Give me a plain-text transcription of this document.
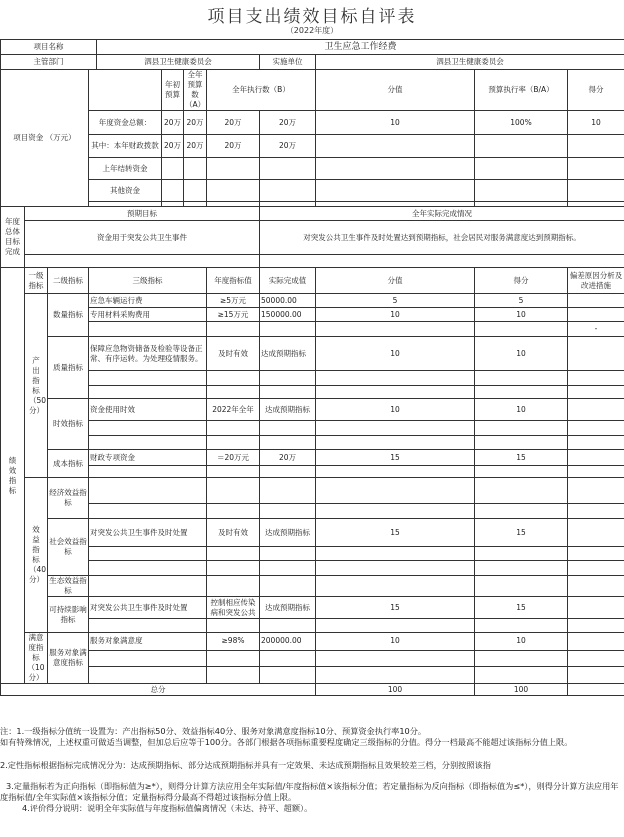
项目支出绩效目标自评表
（2022年度）
项目名称				卫生应急工作经费							
主管部门				泗县卫生健康委员会				实施单位	泗县卫生健康委员会		
项目资金 （万元）					年初预算	全年预算数（A）	全年执行数（B）		分值	预算执行率（B/A）	得分
			年度资金总额：		20万	20万	20万	20万	10	100%	10
			其中：本年财政拨款		20万	20万	20万	20万			
			上年结转资金								
			其他资金								

年度总体目标完成	预期目标							全年实际完成情况			
	资金用于突发公共卫生事件							对突发公共卫生事件及时处置达到预期指标，社会居民对服务满意度达到预期指标。			

绩效指标	一级指标	二级指标	三级指标				年度指标值	实际完成值	分值	得分	偏差原因分析及改进措施
	产出指标（50分）	数量指标	应急车辆运行费				≥5万元	50000.00	5	5	
			专用材料采购费用				≥15万元	150000.00	10	10	
											-
		质量指标	保障应急物资储备及检验等设备正常、有序运转。为处理疫情服务。				及时有效	达成预期指标	10	10	

		时效指标	资金使用时效				2022年全年	达成预期指标	10	10	

		成本指标	财政专项资金				＝20万元	20万	15	15	

	效益指标（40分）	经济效益指标									

		社会效益指标	对突发公共卫生事件及时处置				及时有效	达成预期指标	15	15	

		生态效益指标									
		可持续影响指标	对突发公共卫生事件及时处置				控制相应传染病和突发公共	达成预期指标	15	15	

	满意度指标（10分）	服务对象满意度指标	服务对象满意度				≥98%	200000.00	10	10	

总分									100	100	
注：1.一级指标分值统一设置为：产出指标50分、效益指标40分、服务对象满意度指标10分、预算资金执行率10分。
如有特殊情况，上述权重可做适当调整，但加总后应等于100分。各部门根据各项指标重要程度确定三级指标的分值。得分一档最高不能超过该指标分值上限。
2.定性指标根据指标完成情况分为：达成预期指标、部分达成预期指标并具有一定效果、未达成预期指标且效果较差三档，分别按照该指
3.定量指标若为正向指标（即指标值为≥*），则得分计算方法应用全年实际值/年度指标值×该指标分值；若定量指标为反向指标（即指标值为≤*），则得分计算方法应用年度指标值/全年实际值×该指标分值；定量指标得分最高不得超过该指标分值上限。
4.评价得分说明：说明全年实际值与年度指标值偏离情况（未达、持平、超额）。
